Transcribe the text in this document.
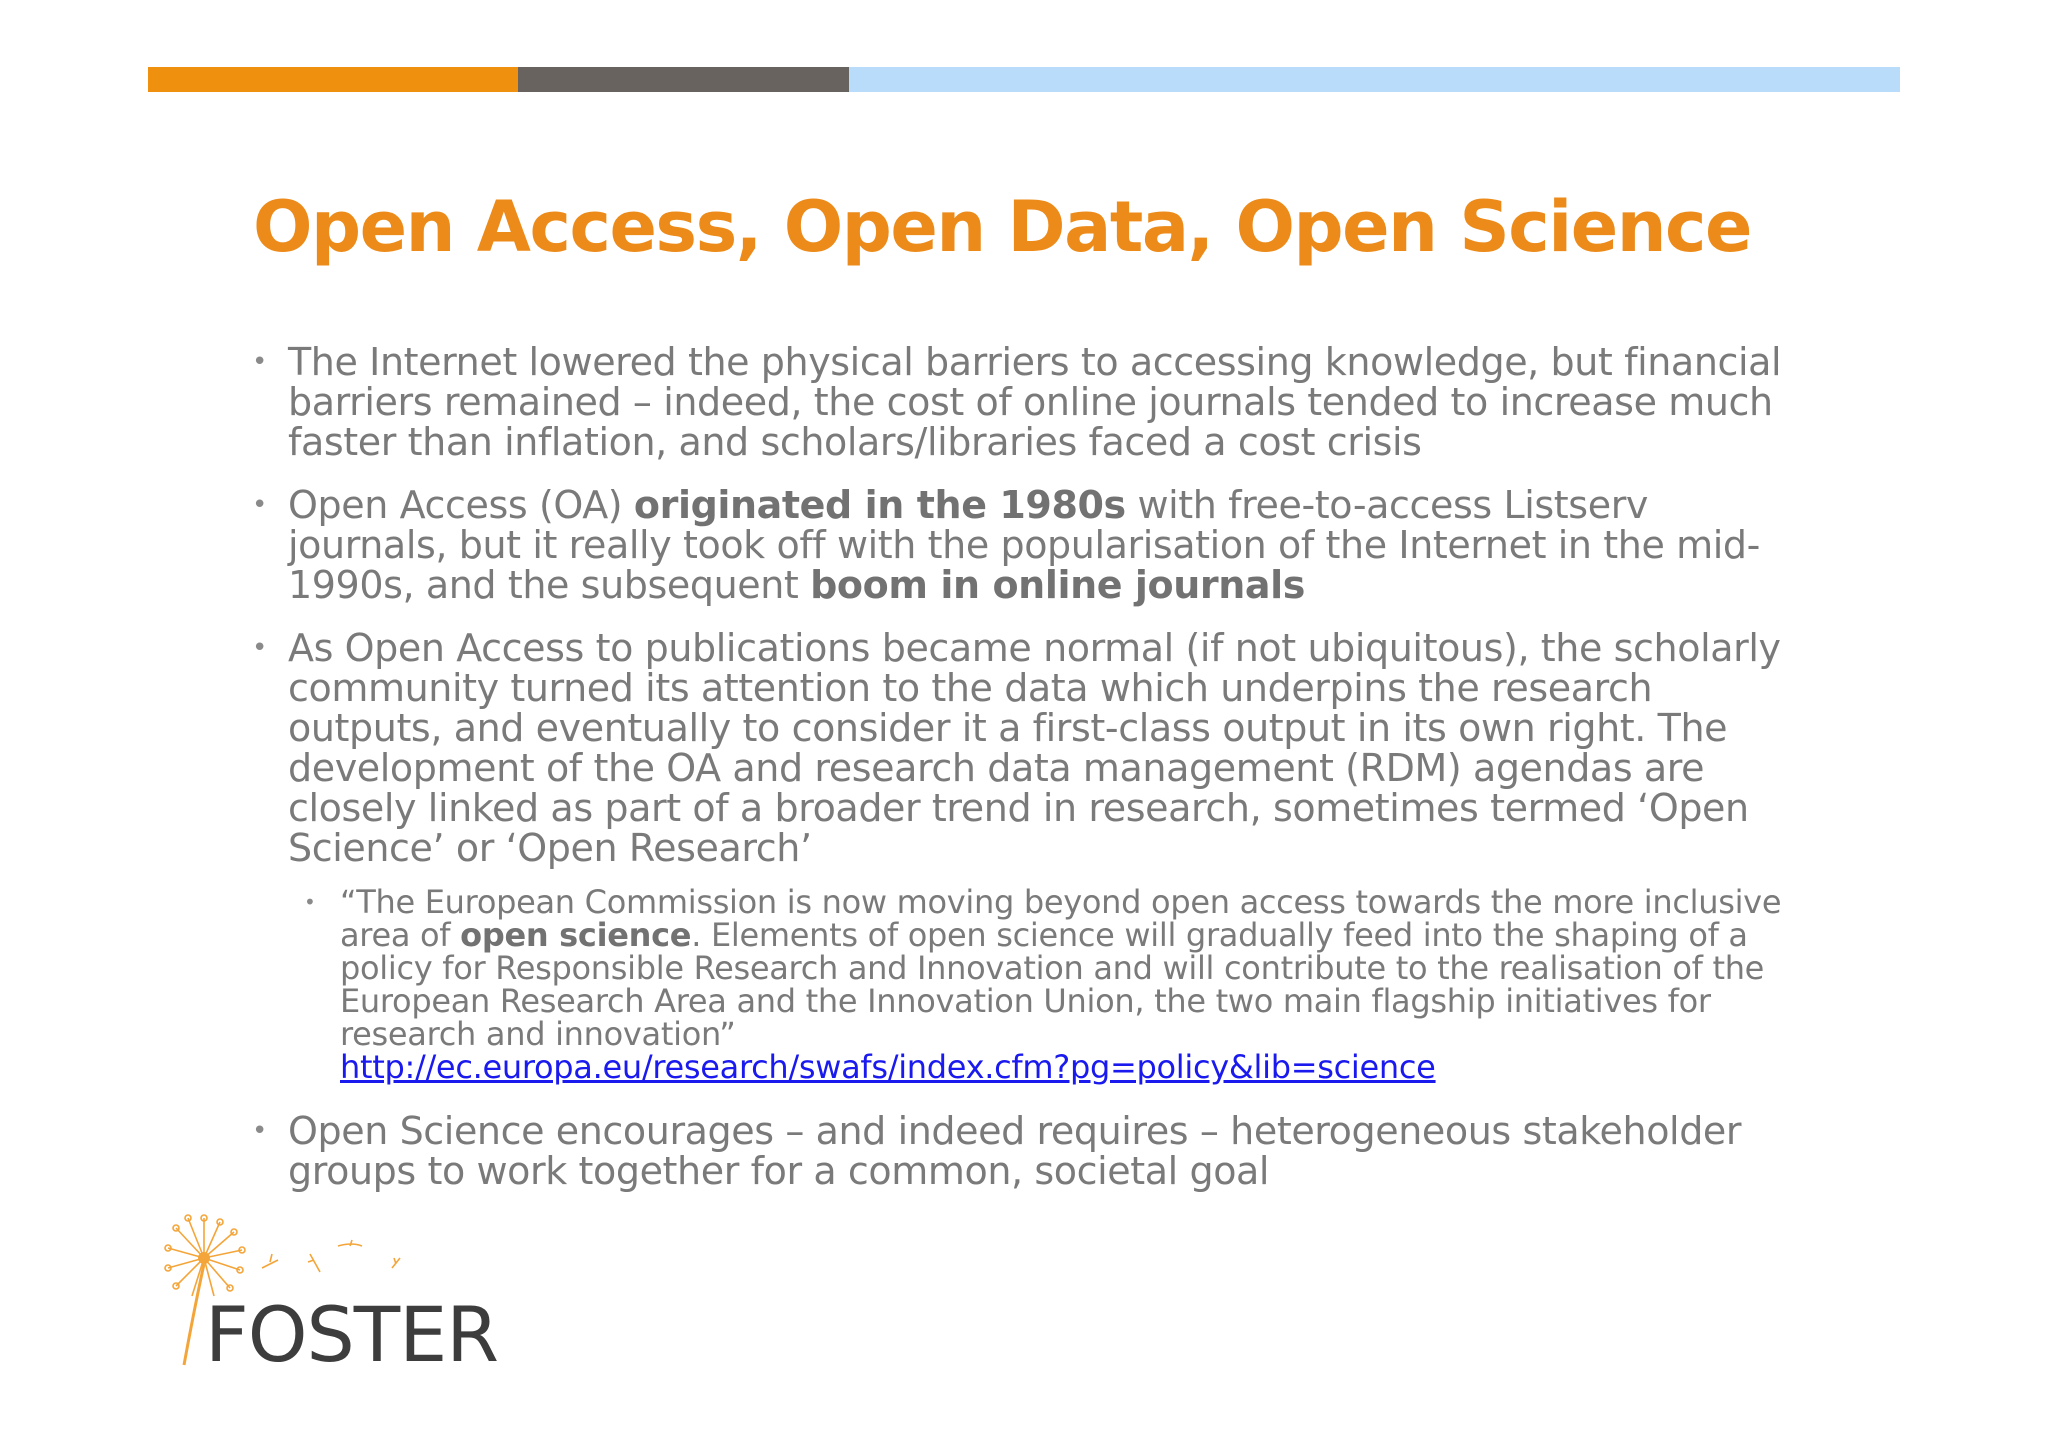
Open Access, Open Data, Open Science
• The Internet lowered the physical barriers to accessing knowledge, but financial barriers remained – indeed, the cost of online journals tended to increase much faster than inflation, and scholars/libraries faced a cost crisis
• Open Access (OA) originated in the 1980s with free-to-access Listserv journals, but it really took off with the popularisation of the Internet in the mid-1990s, and the subsequent boom in online journals
• As Open Access to publications became normal (if not ubiquitous), the scholarly community turned its attention to the data which underpins the research outputs, and eventually to consider it a first-class output in its own right. The development of the OA and research data management (RDM) agendas are closely linked as part of a broader trend in research, sometimes termed ‘Open Science’ or ‘Open Research’
• “The European Commission is now moving beyond open access towards the more inclusive area of open science. Elements of open science will gradually feed into the shaping of a policy for Responsible Research and Innovation and will contribute to the realisation of the European Research Area and the Innovation Union, the two main flagship initiatives for research and innovation”
http://ec.europa.eu/research/swafs/index.cfm?pg=policy&lib=science
• Open Science encourages – and indeed requires – heterogeneous stakeholder groups to work together for a common, societal goal
FOSTER
